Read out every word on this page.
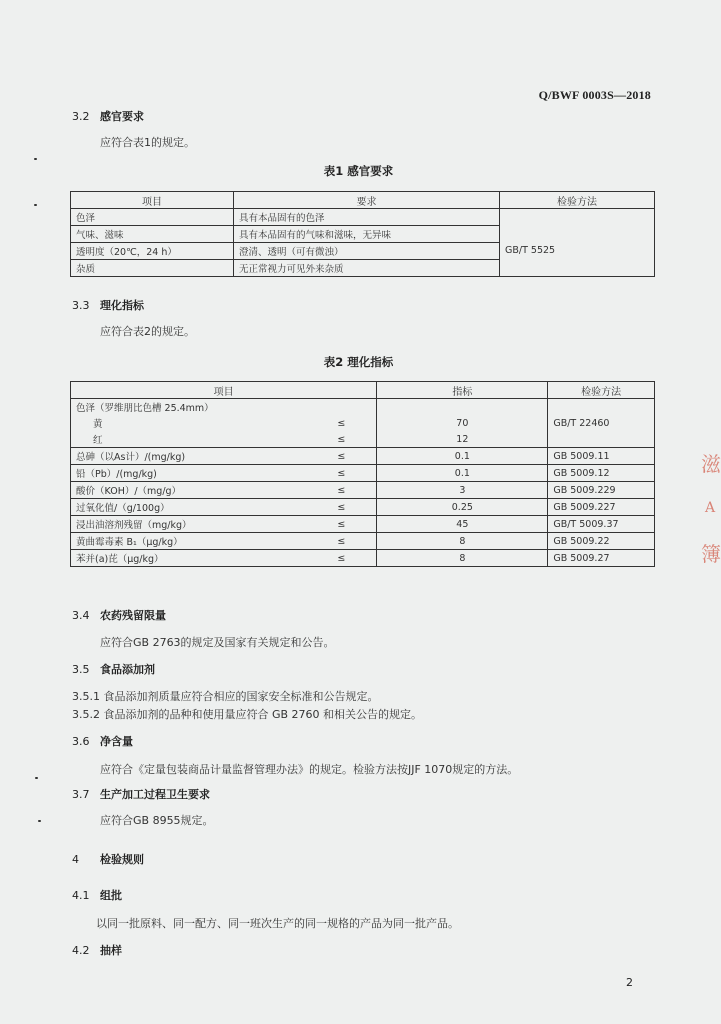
Q/BWF 0003S—2018
3.2 感官要求
应符合表1的规定。
表1 感官要求
项目	要求	检验方法
色泽	具有本品固有的色泽	
气味、滋味	具有本品固有的气味和滋味，无异味	GB/T 5525
透明度（20℃，24 h）	澄清、透明（可有微浊）	
杂质	无正常视力可见外来杂质	
3.3 理化指标
应符合表2的规定。
表2 理化指标
项目		指标	检验方法
色泽（罗维朋比色槽 25.4mm）			GB/T 22460
黄	≤	70	
红	≤	12	
总砷（以As计）/(mg/kg)	≤	0.1	GB 5009.11
铅（Pb）/(mg/kg)	≤	0.1	GB 5009.12
酸价（KOH）/（mg/g）	≤	3	GB 5009.229
过氧化值/（g/100g）	≤	0.25	GB 5009.227
浸出油溶剂残留（mg/kg）	≤	45	GB/T 5009.37
黄曲霉毒素 B₁（μg/kg）	≤	8	GB 5009.22
苯并(a)芘（μg/kg）	≤	8	GB 5009.27
3.4 农药残留限量
应符合GB 2763的规定及国家有关规定和公告。
3.5 食品添加剂
3.5.1 食品添加剂质量应符合相应的国家安全标准和公告规定。
3.5.2 食品添加剂的品种和使用量应符合 GB 2760 和相关公告的规定。
3.6 净含量
应符合《定量包装商品计量监督管理办法》的规定。检验方法按JJF 1070规定的方法。
3.7 生产加工过程卫生要求
应符合GB 8955规定。
4 检验规则
4.1 组批
以同一批原料、同一配方、同一班次生产的同一规格的产品为同一批产品。
4.2 抽样
2
滋
A
簿
